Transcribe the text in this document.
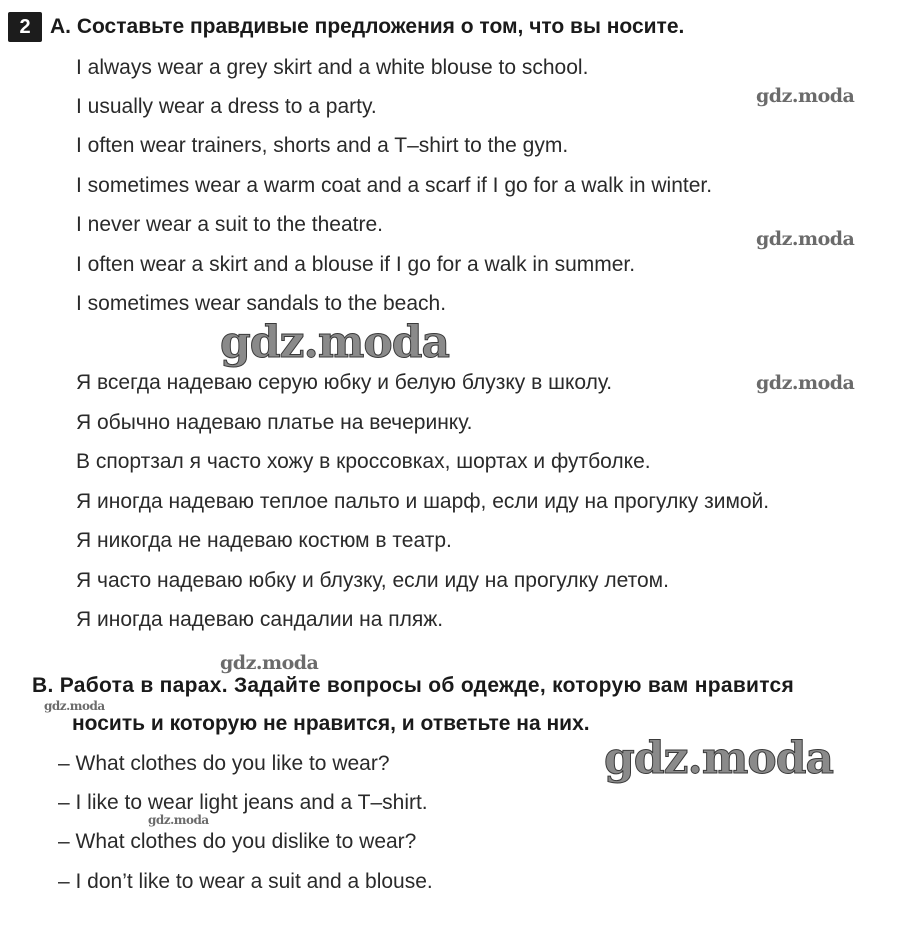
2 A. Составьте правдивые предложения о том, что вы носите.
I always wear a grey skirt and a white blouse to school.
I usually wear a dress to a party.
I often wear trainers, shorts and a T–shirt to the gym.
I sometimes wear a warm coat and a scarf if I go for a walk in winter.
I never wear a suit to the theatre.
I often wear a skirt and a blouse if I go for a walk in summer.
I sometimes wear sandals to the beach.
Я всегда надеваю серую юбку и белую блузку в школу.
Я обычно надеваю платье на вечеринку.
В спортзал я часто хожу в кроссовках, шортах и футболке.
Я иногда надеваю теплое пальто и шарф, если иду на прогулку зимой.
Я никогда не надеваю костюм в театр.
Я часто надеваю юбку и блузку, если иду на прогулку летом.
Я иногда надеваю сандалии на пляж.
B. Работа в парах. Задайте вопросы об одежде, которую вам нравится
носить и которую не нравится, и ответьте на них.
– What clothes do you like to wear?
– I like to wear light jeans and a T–shirt.
– What clothes do you dislike to wear?
– I don’t like to wear a suit and a blouse.
gdz.moda
gdz.moda
gdz.moda
gdz.moda
gdz.moda
gdz.moda
gdz.moda
gdz.moda
